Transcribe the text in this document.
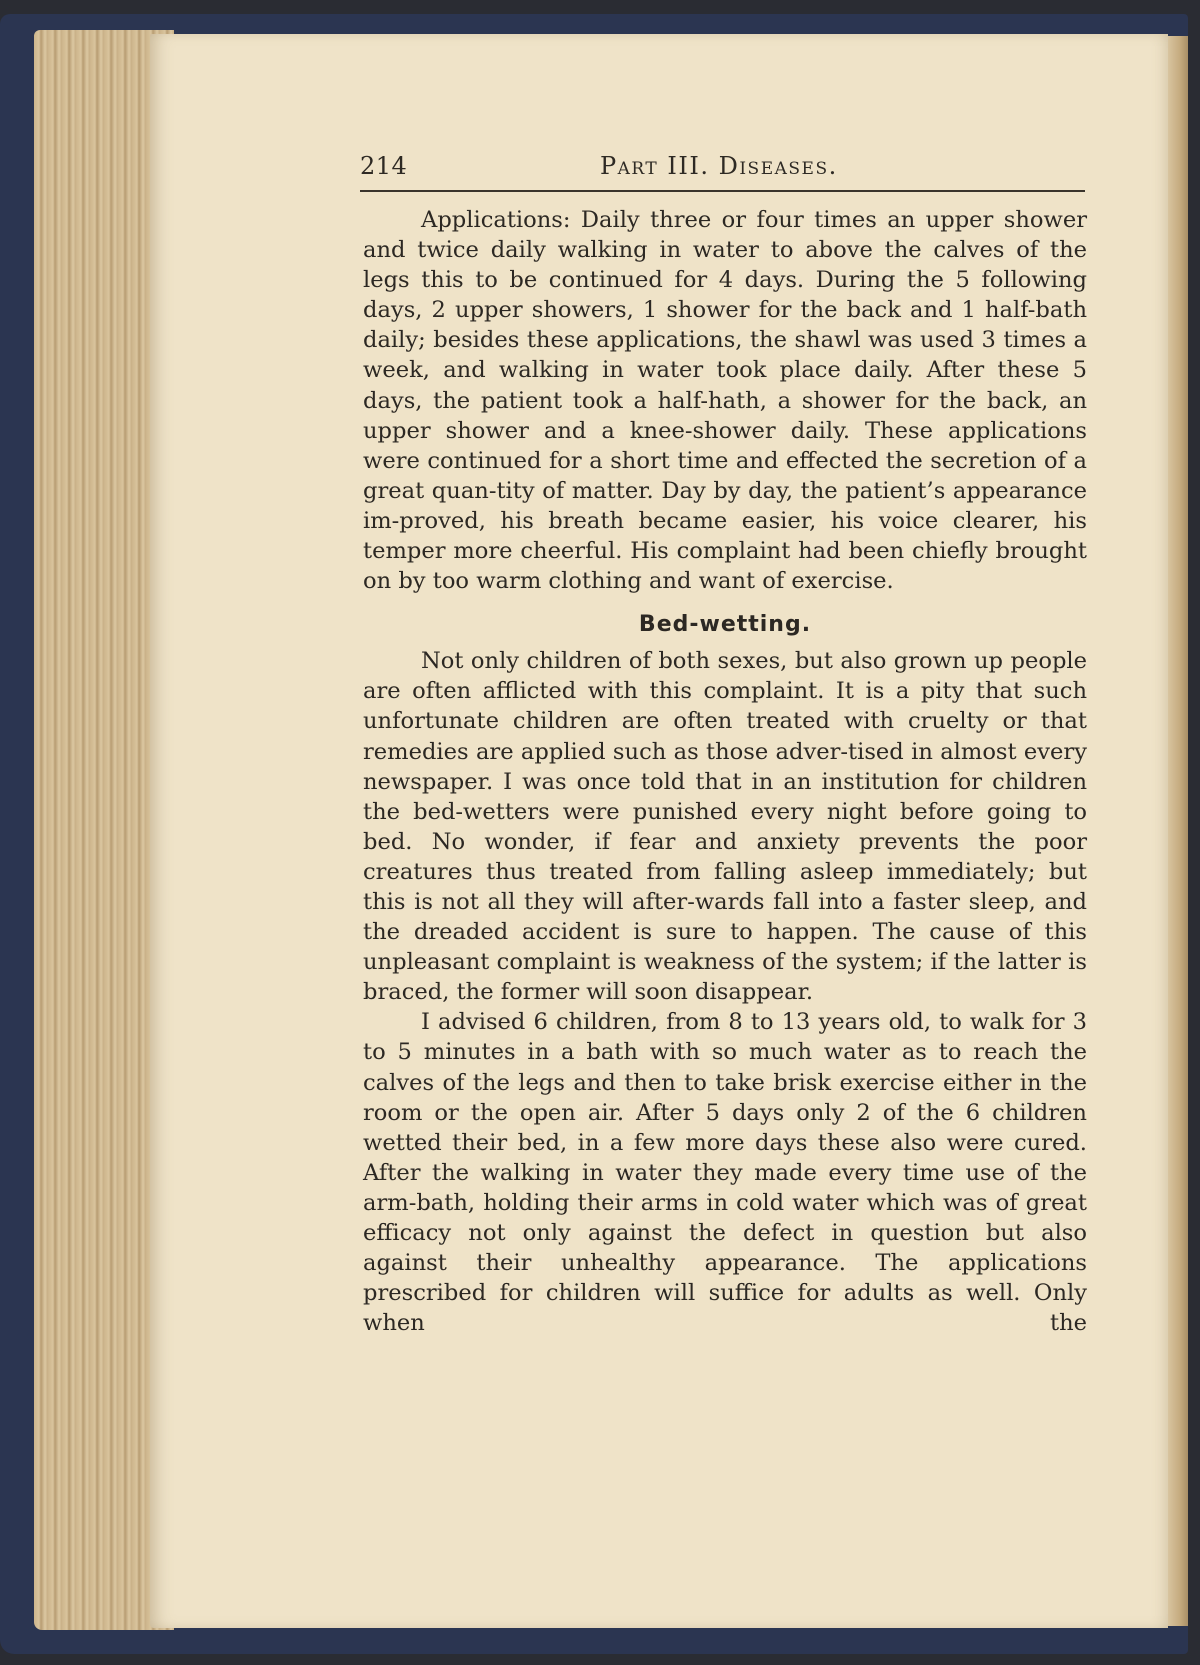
214	Part III. Diseases.

Applications: Daily three or four times an upper shower and twice daily walking in water to above the calves of the legs this to be continued for 4 days. During the 5 following days, 2 upper showers, 1 shower for the back and 1 half-bath daily; besides these applications, the shawl was used 3 times a week, and walking in water took place daily. After these 5 days, the patient took a half-hath, a shower for the back, an upper shower and a knee-shower daily. These applications were continued for a short time and effected the secretion of a great quan-tity of matter. Day by day, the patient’s appearance im-proved, his breath became easier, his voice clearer, his temper more cheerful. His complaint had been chiefly brought on by too warm clothing and want of exercise.

Bed-wetting.

Not only children of both sexes, but also grown up people are often afflicted with this complaint. It is a pity that such unfortunate children are often treated with cruelty or that remedies are applied such as those adver-tised in almost every newspaper. I was once told that in an institution for children the bed-wetters were punished every night before going to bed. No wonder, if fear and anxiety prevents the poor creatures thus treated from falling asleep immediately; but this is not all they will after-wards fall into a faster sleep, and the dreaded accident is sure to happen. The cause of this unpleasant complaint is weakness of the system; if the latter is braced, the former will soon disappear.

I advised 6 children, from 8 to 13 years old, to walk for 3 to 5 minutes in a bath with so much water as to reach the calves of the legs and then to take brisk exercise either in the room or the open air. After 5 days only 2 of the 6 children wetted their bed, in a few more days these also were cured. After the walking in water they made every time use of the arm-bath, holding their arms in cold water which was of great efficacy not only against the defect in question but also against their unhealthy appearance. The applications prescribed for children will suffice for adults as well. Only when the
